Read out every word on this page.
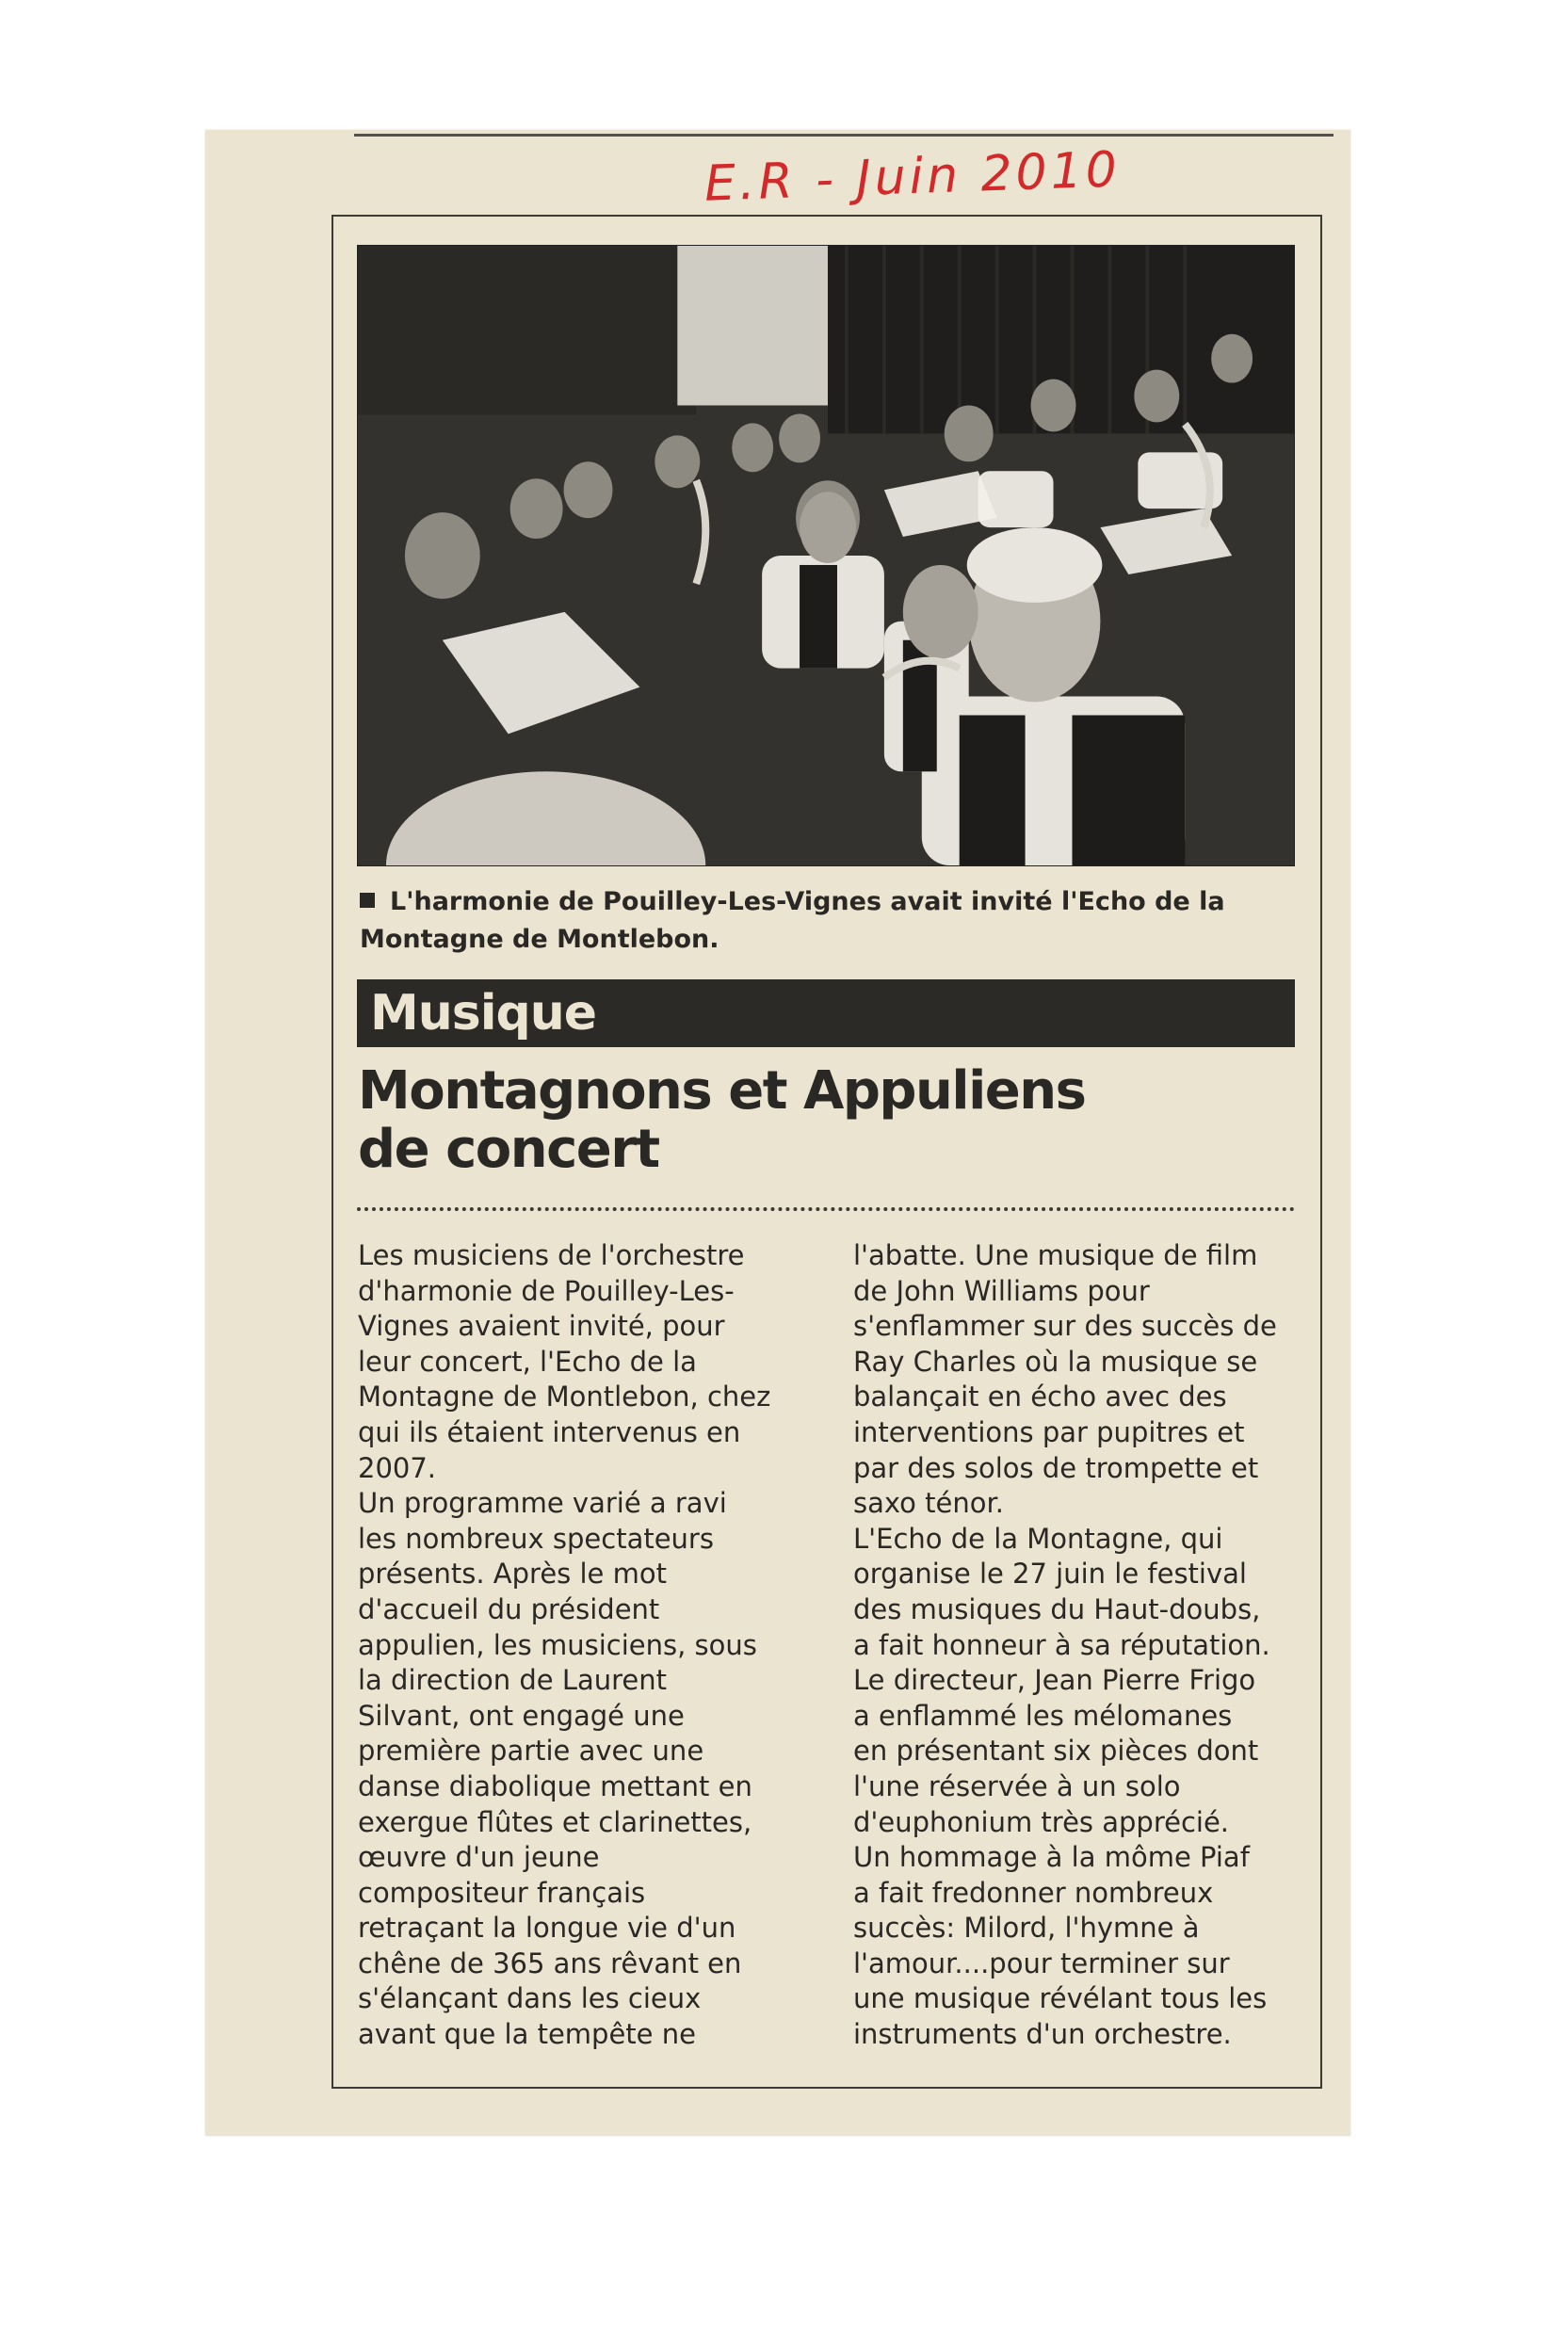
E.R - Juin 2010
L'harmonie de Pouilley-Les-Vignes avait invité l'Echo de la Montagne de Montlebon.
Musique
Montagnons et Appuliens
de concert

Les musiciens de l'orchestre

d'harmonie de Pouilley-Les-

Vignes avaient invité, pour

leur concert, l'Echo de la

Montagne de Montlebon, chez

qui ils étaient intervenus en

2007.

Un programme varié a ravi

les nombreux spectateurs

présents. Après le mot

d'accueil du président

appulien, les musiciens, sous

la direction de Laurent

Silvant, ont engagé une

première partie avec une

danse diabolique mettant en

exergue flûtes et clarinettes,

œuvre d'un jeune

compositeur français

retraçant la longue vie d'un

chêne de 365 ans rêvant en

s'élançant dans les cieux

avant que la tempête ne

l'abatte. Une musique de film

de John Williams pour

s'enflammer sur des succès de

Ray Charles où la musique se

balançait en écho avec des

interventions par pupitres et

par des solos de trompette et

saxo ténor.

L'Echo de la Montagne, qui

organise le 27 juin le festival

des musiques du Haut-doubs,

a fait honneur à sa réputation.

Le directeur, Jean Pierre Frigo

a enflammé les mélomanes

en présentant six pièces dont

l'une réservée à un solo

d'euphonium très apprécié.

Un hommage à la môme Piaf

a fait fredonner nombreux

succès: Milord, l'hymne à

l'amour....pour terminer sur

une musique révélant tous les

instruments d'un orchestre.
